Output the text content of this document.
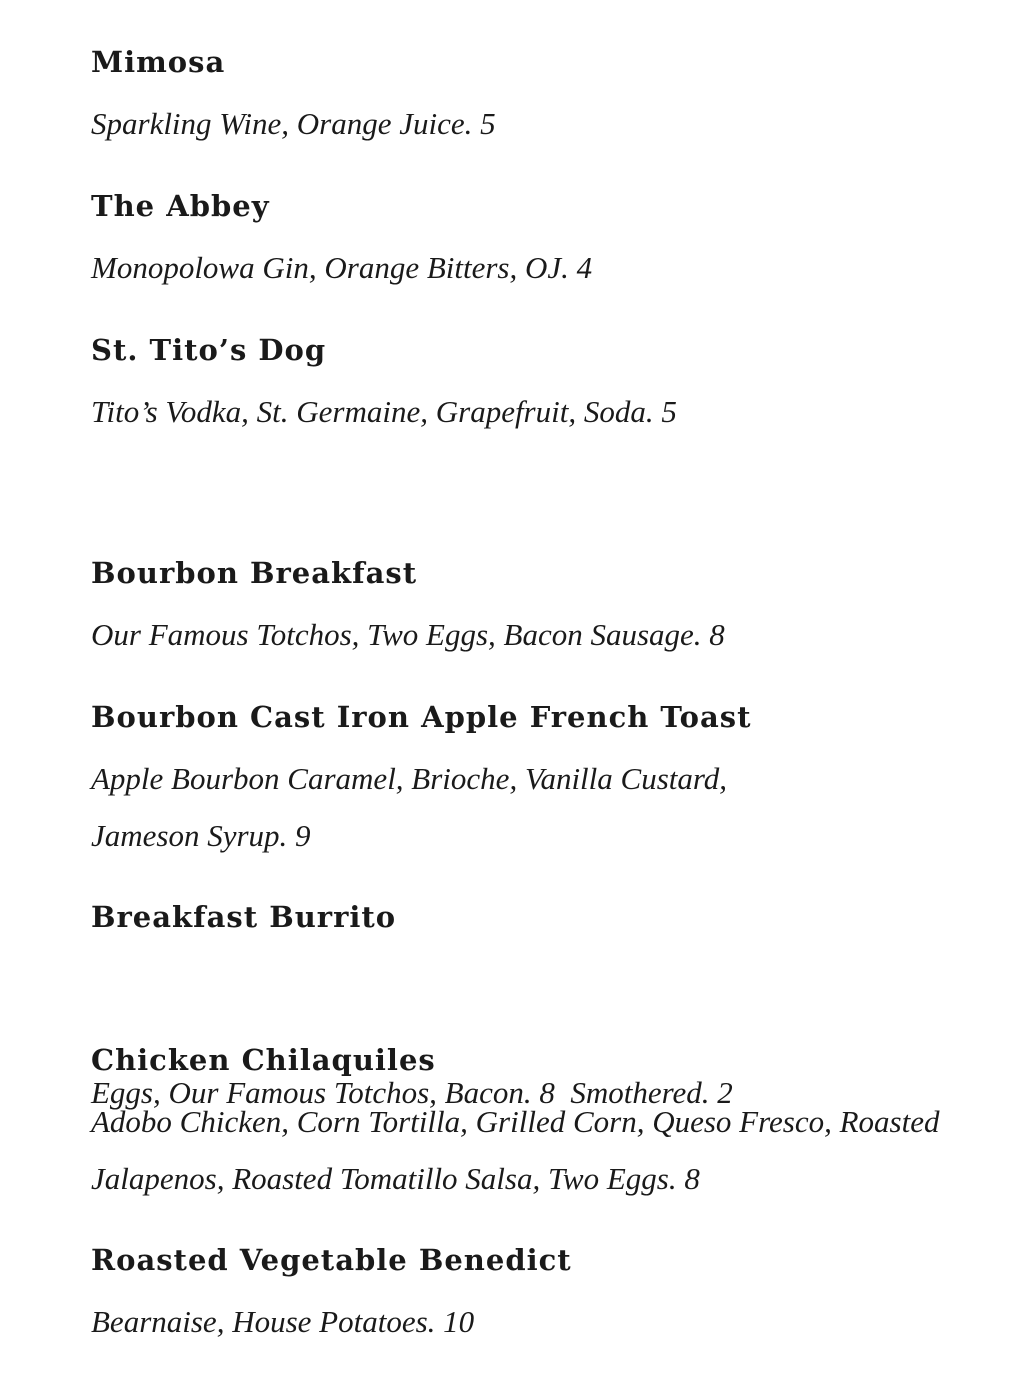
Mimosa

Sparkling Wine, Orange Juice. 5

The Abbey

Monopolowa Gin, Orange Bitters, OJ. 4

St. Tito’s Dog

Tito’s Vodka, St. Germaine, Grapefruit, Soda. 5

Bourbon Breakfast

Our Famous Totchos, Two Eggs, Bacon Sausage. 8

Bourbon Cast Iron Apple French Toast

Apple Bourbon Caramel, Brioche, Vanilla Custard,
Jameson Syrup. 9

Breakfast Burrito

Eggs, Our Famous Totchos, Bacon. 8  Smothered. 2

Chicken Chilaquiles

Adobo Chicken, Corn Tortilla, Grilled Corn, Queso Fresco, Roasted
Jalapenos, Roasted Tomatillo Salsa, Two Eggs. 8

Roasted Vegetable Benedict

Bearnaise, House Potatoes. 10
